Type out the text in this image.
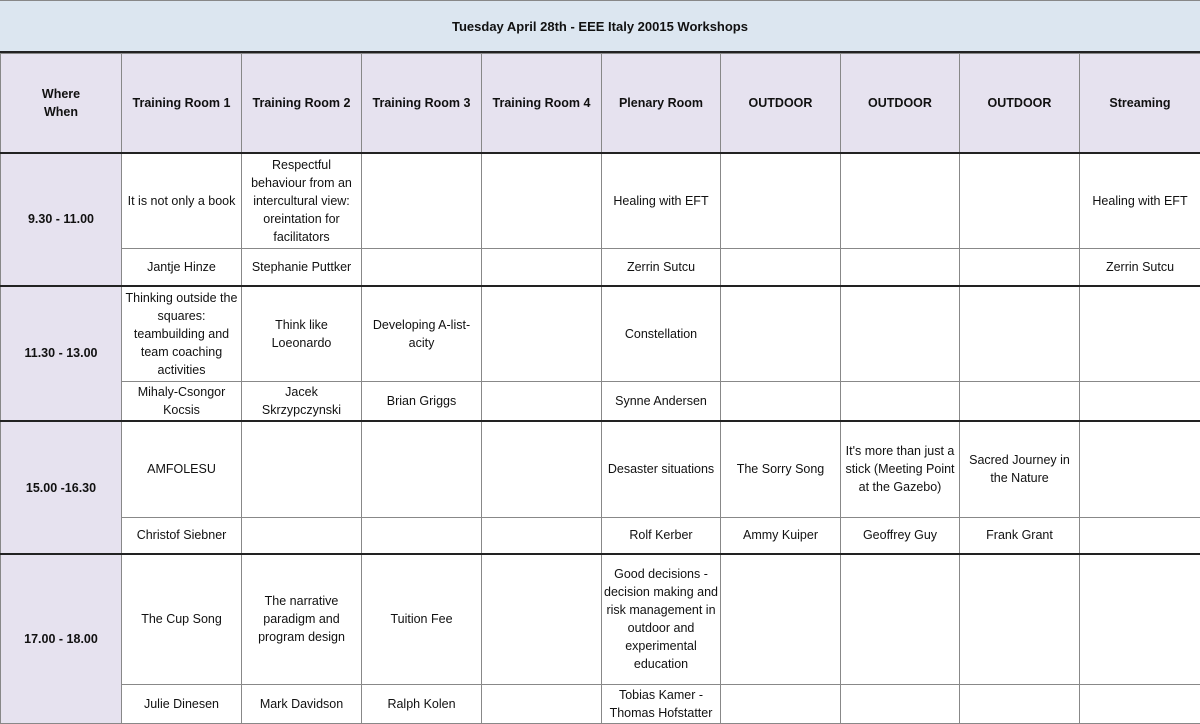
Tuesday April 28th - EEE Italy 20015 Workshops
Where
When	Training Room 1	Training Room 2	Training Room 3	Training Room 4	Plenary Room	OUTDOOR	OUTDOOR	OUTDOOR	Streaming
9.30 - 11.00	It is not only a book	Respectful behaviour from an intercultural view: oreintation for facilitators			Healing with EFT				Healing with EFT
	Jantje Hinze	Stephanie Puttker			Zerrin Sutcu				Zerrin Sutcu
11.30 - 13.00	Thinking outside the squares: teambuilding and team coaching activities	Think like Loeonardo	Developing A-list-acity		Constellation				
	Mihaly-Csongor Kocsis	Jacek Skrzypczynski	Brian Griggs		Synne Andersen				
15.00 -16.30	AMFOLESU				Desaster situations	The Sorry Song	It's more than just a stick (Meeting Point at the Gazebo)	Sacred Journey in the Nature	
	Christof Siebner				Rolf Kerber	Ammy Kuiper	Geoffrey Guy	Frank Grant	
17.00 - 18.00	The Cup Song	The narrative paradigm and program design	Tuition Fee		Good decisions - decision making and risk management in outdoor and experimental education				
	Julie Dinesen	Mark Davidson	Ralph Kolen		Tobias Kamer - Thomas Hofstatter				
